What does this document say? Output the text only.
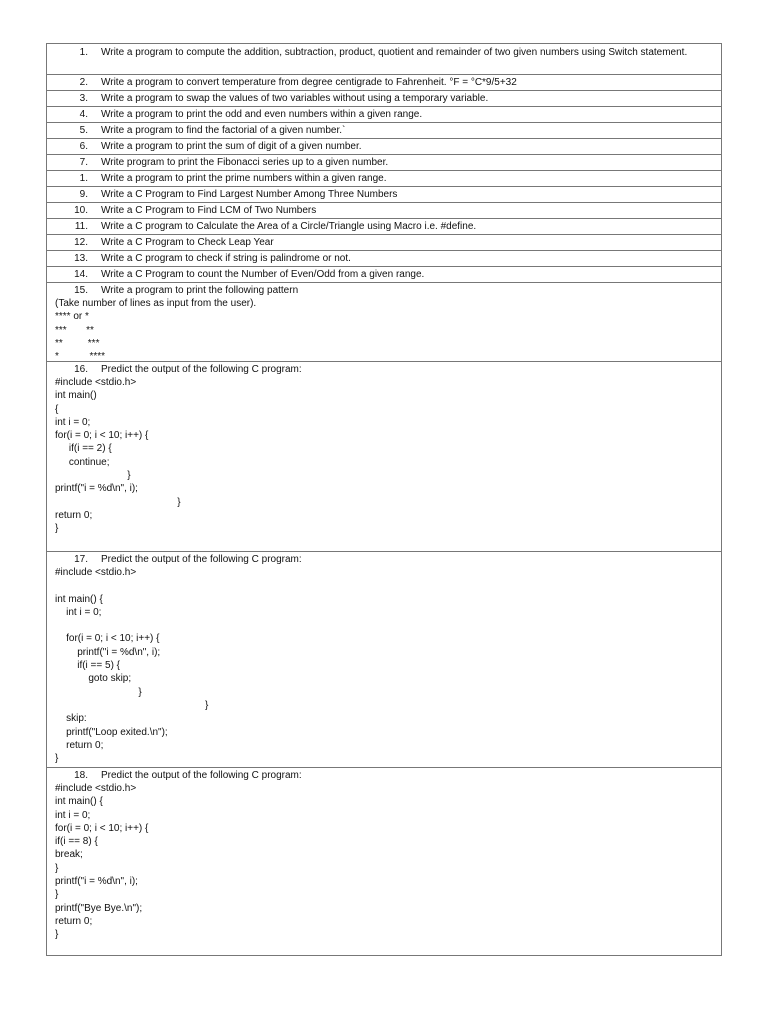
1. Write a program to compute the addition, subtraction, product, quotient and remainder of two given numbers using Switch statement.
2. Write a program to convert temperature from degree centigrade to Fahrenheit. °F = °C*9/5+32
3. Write a program to swap the values of two variables without using a temporary variable.
4. Write a program to print the odd and even numbers within a given range.
5. Write a program to find the factorial of a given number.`
6. Write a program to print the sum of digit of a given number.
7. Write program to print the Fibonacci series up to a given number.
1. Write a program to print the prime numbers within a given range.
9. Write a C Program to Find Largest Number Among Three Numbers
10. Write a C Program to Find LCM of Two Numbers
11. Write a C program to Calculate the Area of a Circle/Triangle using Macro i.e. #define.
12. Write a C Program to Check Leap Year
13. Write a C program to check if string is palindrome or not.
14. Write a C Program to count the Number of Even/Odd from a given range.
15. Write a program to print the following pattern
(Take number of lines as input from the user).
**** or *
***       **
**         ***
*           ****
16. Predict the output of the following C program:
#include <stdio.h>
int main()
{
int i = 0;
for(i = 0; i < 10; i++) {
if(i == 2) {
continue;
}
printf("i = %d\n", i);
}
return 0;
}
17. Predict the output of the following C program:
#include <stdio.h>

int main() {
int i = 0;

for(i = 0; i < 10; i++) {
printf("i = %d\n", i);
if(i == 5) {
goto skip;
}
}
skip:
printf("Loop exited.\n");
return 0;
}
18. Predict the output of the following C program:
#include <stdio.h>
int main() {
int i = 0;
for(i = 0; i < 10; i++) {
if(i == 8) {
break;
}
printf("i = %d\n", i);
}
printf("Bye Bye.\n");
return 0;
}
